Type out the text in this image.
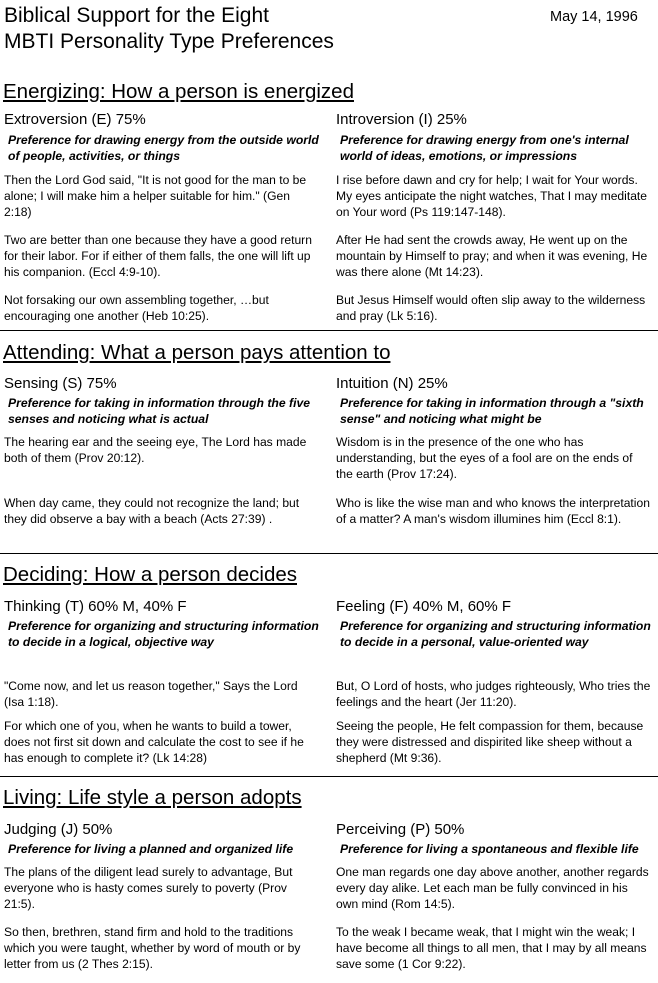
Biblical Support for the Eight
MBTI Personality Type Preferences
May 14, 1996
Energizing: How a person is energized
Extroversion (E) 75%
Preference for drawing energy from the outside world of people, activities, or things
Then the Lord God said, "It is not good for the man to be alone; I will make him a helper suitable for him." (Gen 2:18)
Two are better than one because they have a good return for their labor. For if either of them falls, the one will lift up his companion. (Eccl 4:9-10).
Not forsaking our own assembling together, …but encouraging one another (Heb 10:25).
Introversion (I) 25%
Preference for drawing energy from one's internal world of ideas, emotions, or impressions
I rise before dawn and cry for help; I wait for Your words. My eyes anticipate the night watches, That I may meditate on Your word (Ps 119:147-148).
After He had sent the crowds away, He went up on the mountain by Himself to pray; and when it was evening, He was there alone (Mt 14:23).
But Jesus Himself would often slip away to the wilderness and pray (Lk 5:16).
Attending: What a person pays attention to
Sensing (S) 75%
Preference for taking in information through the five senses and noticing what is actual
The hearing ear and the seeing eye, The Lord has made both of them (Prov 20:12).
When day came, they could not recognize the land; but they did observe a bay with a beach (Acts 27:39) .
Intuition (N) 25%
Preference for taking in information through a "sixth sense" and noticing what might be
Wisdom is in the presence of the one who has understanding, but the eyes of a fool are on the ends of the earth (Prov 17:24).
Who is like the wise man and who knows the interpretation of a matter? A man's wisdom illumines him (Eccl 8:1).
Deciding: How a person decides
Thinking (T) 60% M, 40% F
Preference for organizing and structuring information to decide in a logical, objective way
"Come now, and let us reason together," Says the Lord (Isa 1:18).
For which one of you, when he wants to build a tower, does not first sit down and calculate the cost to see if he has enough to complete it? (Lk 14:28)
Feeling (F) 40% M, 60% F
Preference for organizing and structuring information to decide in a personal, value-oriented way
But, O Lord of hosts, who judges righteously, Who tries the feelings and the heart (Jer 11:20).
Seeing the people, He felt compassion for them, because they were distressed and dispirited like sheep without a shepherd (Mt 9:36).
Living: Life style a person adopts
Judging (J) 50%
Preference for living a planned and organized life
The plans of the diligent lead surely to advantage, But everyone who is hasty comes surely to poverty (Prov 21:5).
So then, brethren, stand firm and hold to the traditions which you were taught, whether by word of mouth or by letter from us (2 Thes 2:15).
Perceiving (P) 50%
Preference for living a spontaneous and flexible life
One man regards one day above another, another regards every day alike. Let each man be fully convinced in his own mind (Rom 14:5).
To the weak I became weak, that I might win the weak; I have become all things to all men, that I may by all means save some (1 Cor 9:22).
